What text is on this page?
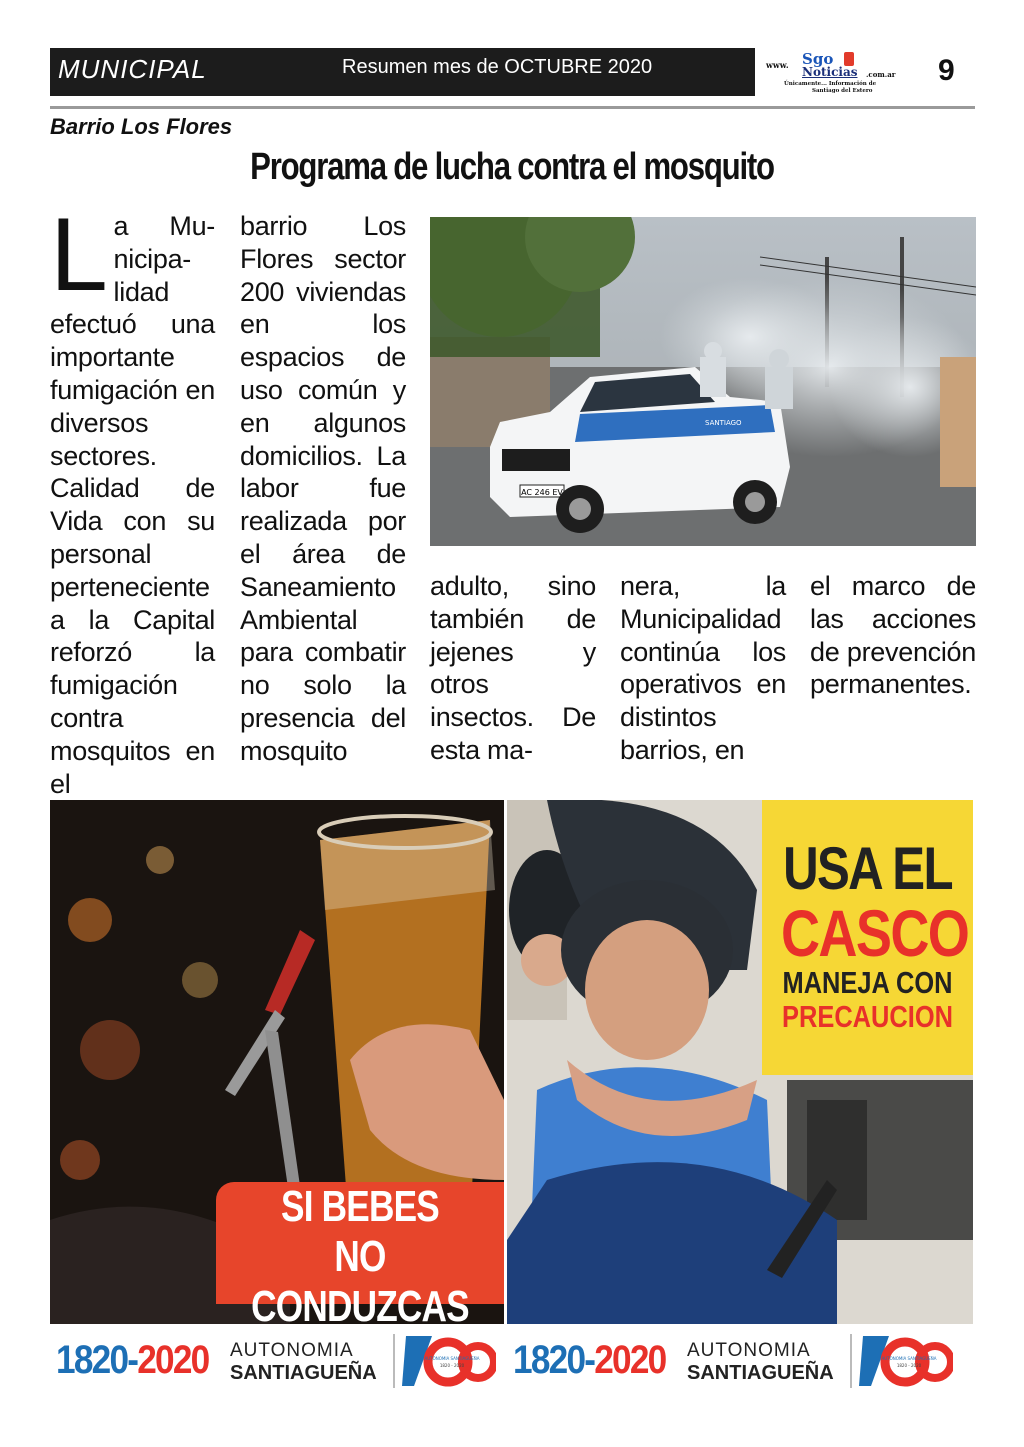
MUNICIPAL	Resumen mes de OCTUBRE 2020	www. Sgo
Noticias .com.ar
Únicamente... Información de
Santiago del Estero
9
Barrio Los Flores
Programa de lucha contra el mosquito
La Mu-nicipa-lidad efectuó una importante fumigación en diversos sectores. Calidad de Vida con su personal perteneciente a la Capital reforzó la fumigación contra mosquitos en el
barrio Los Flores sector 200 viviendas en los espacios de uso común y en algunos domicilios. La labor fue realizada por el área de Saneamiento Ambiental para combatir no solo la presencia del mosquito
AC 246 EV
SANTIAGO
adulto, sino también de jejenes y otros insectos. De esta ma-
nera, la Municipalidad continúa los operativos en distintos barrios, en
el marco de las acciones de prevención permanentes.
SI BEBES
NO CONDUZCAS
USA EL
CASCO
MANEJA CON
PRECAUCION
1820-2020 AUTONOMIA
SANTIAGUEÑA
AUTONOMIA SANTIAGUEÑA
1820 - 2020 1820-2020 AUTONOMIA
SANTIAGUEÑA
AUTONOMIA SANTIAGUEÑA
1820 - 2020
